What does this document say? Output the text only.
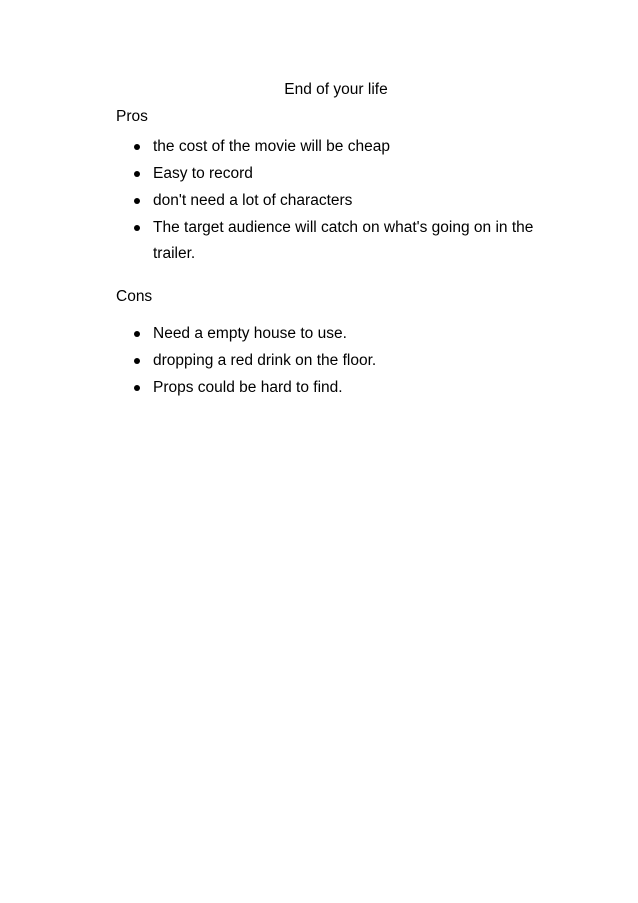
End of your life
Pros
the cost of the movie will be cheap
Easy to record
don't need a lot of characters
The target audience will catch on what's going on in the trailer.
Cons
Need a empty house to use.
dropping a red drink on the floor.
Props could be hard to find.
